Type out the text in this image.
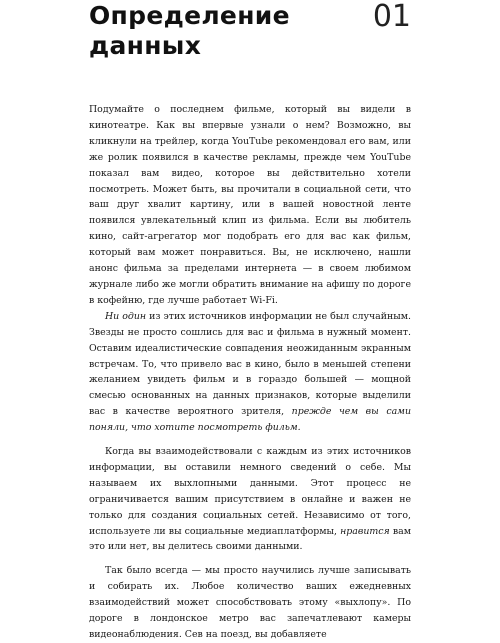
Определение
данных
01

Подумайте о последнем фильме, который вы видели в кинотеатре. Как вы впервые узнали о нем? Возможно, вы кликнули на трейлер, когда YouTube рекомендовал его вам, или же ролик появился в качестве рекламы, прежде чем YouTube показал вам видео, которое вы действительно хотели посмотреть. Может быть, вы прочитали в социальной сети, что ваш друг хвалит картину, или в вашей новостной ленте появился увлекательный клип из фильма. Если вы любитель кино, сайт-агрегатор мог подобрать его для вас как фильм, который вам может понравиться. Вы, не исключено, нашли анонс фильма за пределами интернета — в своем любимом журнале либо же могли обратить внимание на афишу по дороге в кофейню, где лучше работает Wi-Fi.

Ни один из этих источников информации не был случайным. Звезды не просто сошлись для вас и фильма в нужный момент. Оставим идеалистические совпадения неожиданным экранным встречам. То, что привело вас в кино, было в меньшей степени желанием увидеть фильм и в гораздо большей — мощной смесью основанных на данных признаков, которые выделили вас в качестве вероятного зрителя, прежде чем вы сами поняли, что хотите посмотреть фильм.

Когда вы взаимодействовали с каждым из этих источников информации, вы оставили немного сведений о себе. Мы называем их выхлопными данными. Этот процесс не ограничивается вашим присутствием в онлайне и важен не только для создания социальных сетей. Независимо от того, используете ли вы социальные медиаплатформы, нравится вам это или нет, вы делитесь своими данными.

Так было всегда — мы просто научились лучше записывать и собирать их. Любое количество ваших ежедневных взаимодействий может способствовать этому «выхлопу». По дороге в лондонское метро вас запечатлевают камеры видеонаблюдения. Сев на поезд, вы добавляете
